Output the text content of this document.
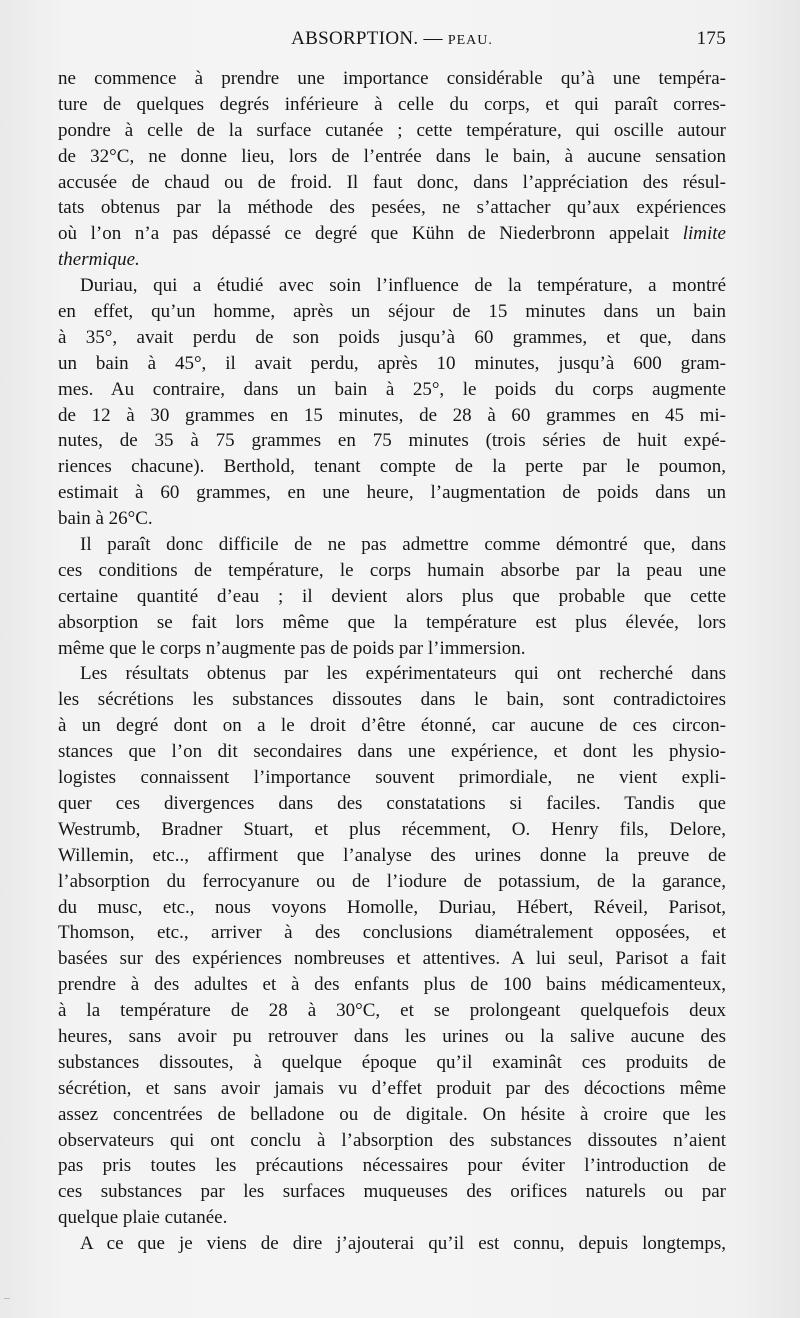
ABSORPTION. — PEAU.	175
ne commence à prendre une importance considérable qu’à une tempéra-
ture de quelques degrés inférieure à celle du corps, et qui paraît corres-
pondre à celle de la surface cutanée ; cette température, qui oscille autour
de 32°C, ne donne lieu, lors de l’entrée dans le bain, à aucune sensation
accusée de chaud ou de froid. Il faut donc, dans l’appréciation des résul-
tats obtenus par la méthode des pesées, ne s’attacher qu’aux expériences
où l’on n’a pas dépassé ce degré que Kühn de Niederbronn appelait limite
thermique.
Duriau, qui a étudié avec soin l’influence de la température, a montré
en effet, qu’un homme, après un séjour de 15 minutes dans un bain
à 35°, avait perdu de son poids jusqu’à 60 grammes, et que, dans
un bain à 45°, il avait perdu, après 10 minutes, jusqu’à 600 gram-
mes. Au contraire, dans un bain à 25°, le poids du corps augmente
de 12 à 30 grammes en 15 minutes, de 28 à 60 grammes en 45 mi-
nutes, de 35 à 75 grammes en 75 minutes (trois séries de huit expé-
riences chacune). Berthold, tenant compte de la perte par le poumon,
estimait à 60 grammes, en une heure, l’augmentation de poids dans un
bain à 26°C.
Il paraît donc difficile de ne pas admettre comme démontré que, dans
ces conditions de température, le corps humain absorbe par la peau une
certaine quantité d’eau ; il devient alors plus que probable que cette
absorption se fait lors même que la température est plus élevée, lors
même que le corps n’augmente pas de poids par l’immersion.
Les résultats obtenus par les expérimentateurs qui ont recherché dans
les sécrétions les substances dissoutes dans le bain, sont contradictoires
à un degré dont on a le droit d’être étonné, car aucune de ces circon-
stances que l’on dit secondaires dans une expérience, et dont les physio-
logistes connaissent l’importance souvent primordiale, ne vient expli-
quer ces divergences dans des constatations si faciles. Tandis que
Westrumb, Bradner Stuart, et plus récemment, O. Henry fils, Delore,
Willemin, etc.., affirment que l’analyse des urines donne la preuve de
l’absorption du ferrocyanure ou de l’iodure de potassium, de la garance,
du musc, etc., nous voyons Homolle, Duriau, Hébert, Réveil, Parisot,
Thomson, etc., arriver à des conclusions diamétralement opposées, et
basées sur des expériences nombreuses et attentives. A lui seul, Parisot a fait
prendre à des adultes et à des enfants plus de 100 bains médicamenteux,
à la température de 28 à 30°C, et se prolongeant quelquefois deux
heures, sans avoir pu retrouver dans les urines ou la salive aucune des
substances dissoutes, à quelque époque qu’il examinât ces produits de
sécrétion, et sans avoir jamais vu d’effet produit par des décoctions même
assez concentrées de belladone ou de digitale. On hésite à croire que les
observateurs qui ont conclu à l’absorption des substances dissoutes n’aient
pas pris toutes les précautions nécessaires pour éviter l’introduction de
ces substances par les surfaces muqueuses des orifices naturels ou par
quelque plaie cutanée.
A ce que je viens de dire j’ajouterai qu’il est connu, depuis longtemps,
